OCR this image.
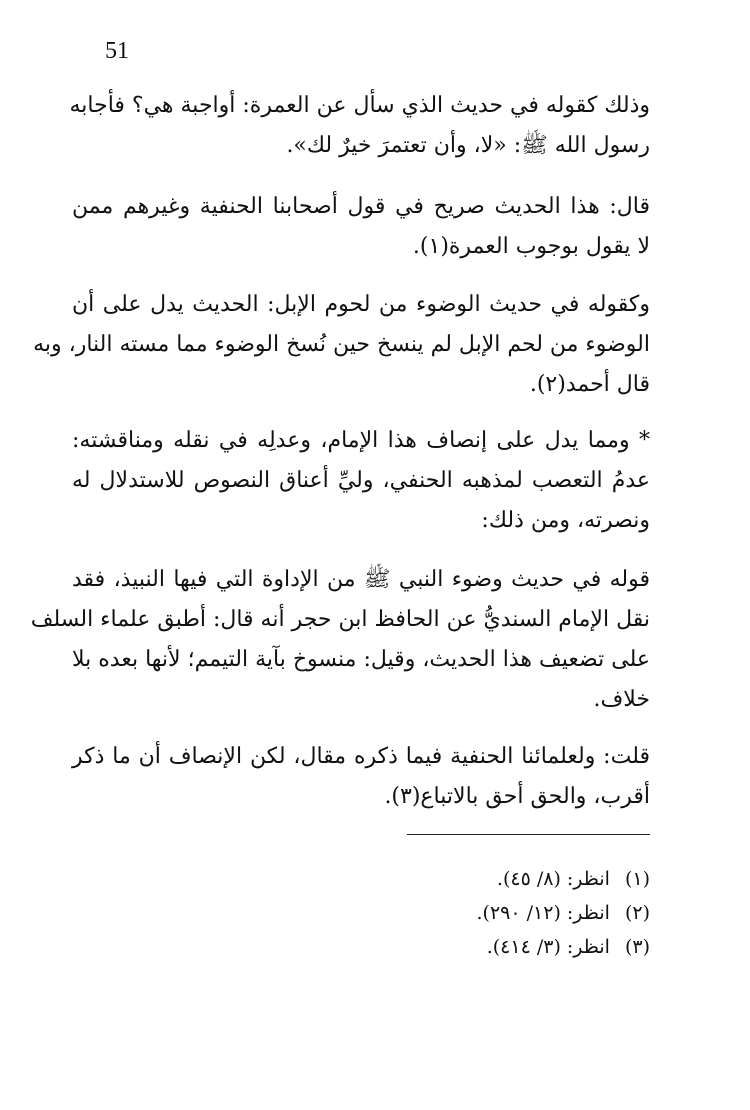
51
وذلك كقوله في حديث الذي سأل عن العمرة: أواجبة هي؟ فأجابه
رسول الله ﷺ: «لا، وأن تعتمرَ خيرٌ لك».
قال: هذا الحديث صريح في قول أصحابنا الحنفية وغيرهم ممن
لا يقول بوجوب العمرة(١).
وكقوله في حديث الوضوء من لحوم الإبل: الحديث يدل على أن
الوضوء من لحم الإبل لم ينسخ حين نُسخ الوضوء مما مسته النار، وبه
قال أحمد(٢).
* ومما يدل على إنصاف هذا الإمام، وعدلِه في نقله ومناقشته:
عدمُ التعصب لمذهبه الحنفي، وليِّ أعناق النصوص للاستدلال له
ونصرته، ومن ذلك:
قوله في حديث وضوء النبي ﷺ من الإداوة التي فيها النبيذ، فقد
نقل الإمام السنديُّ عن الحافظ ابن حجر أنه قال: أطبق علماء السلف
على تضعيف هذا الحديث، وقيل: منسوخ بآية التيمم؛ لأنها بعده بلا
خلاف.
قلت: ولعلمائنا الحنفية فيما ذكره مقال، لكن الإنصاف أن ما ذكر
أقرب، والحق أحق بالاتباع(٣).
(١) انظر: (٨/ ٤٥).
(٢) انظر: (١٢/ ٢٩٠).
(٣) انظر: (٣/ ٤١٤).
